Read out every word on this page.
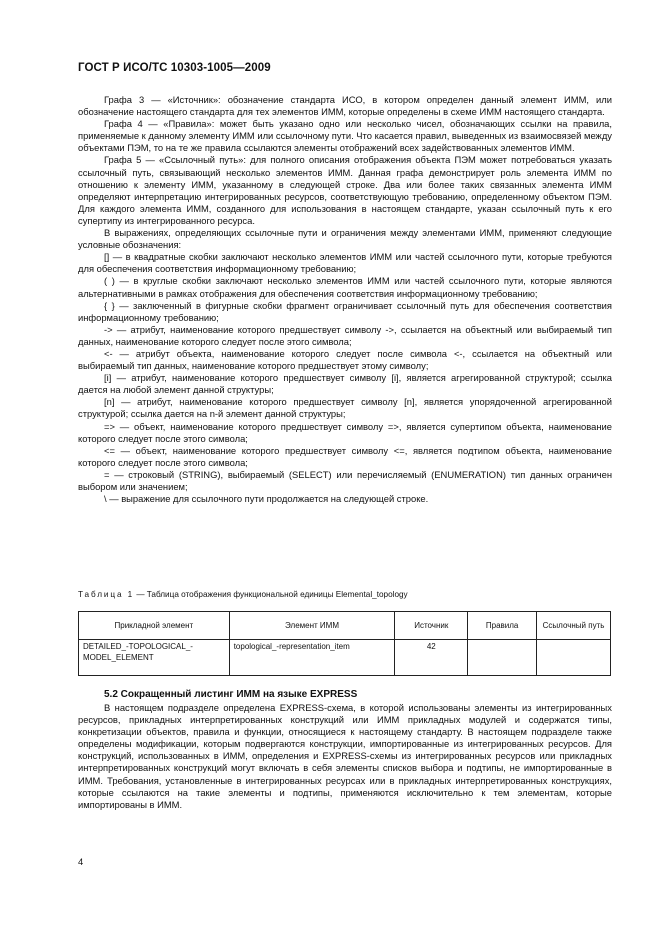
ГОСТ Р ИСО/ТС 10303-1005—2009

Графа 3 — «Источник»: обозначение стандарта ИСО, в котором определен данный элемент ИММ, или обозначение настоящего стандарта для тех элементов ИММ, которые определены в схеме ИММ настоящего стандарта.

Графа 4 — «Правила»: может быть указано одно или несколько чисел, обозначающих ссылки на правила, применяемые к данному элементу ИММ или ссылочному пути. Что касается правил, выведенных из взаимосвязей между объектами ПЭМ, то на те же правила ссылаются элементы отображений всех задействованных элементов ИММ.

Графа 5 — «Ссылочный путь»: для полного описания отображения объекта ПЭМ может потребоваться указать ссылочный путь, связывающий несколько элементов ИММ. Данная графа демонстрирует роль элемента ИММ по отношению к элементу ИММ, указанному в следующей строке. Два или более таких связанных элемента ИММ определяют интерпретацию интегрированных ресурсов, соответствующую требованию, определенному объектом ПЭМ. Для каждого элемента ИММ, созданного для использования в настоящем стандарте, указан ссылочный путь к его супертипу из интегрированного ресурса.

В выражениях, определяющих ссылочные пути и ограничения между элементами ИММ, применяют следующие условные обозначения:

[] — в квадратные скобки заключают несколько элементов ИММ или частей ссылочного пути, которые требуются для обеспечения соответствия информационному требованию;

( ) — в круглые скобки заключают несколько элементов ИММ или частей ссылочного пути, которые являются альтернативными в рамках отображения для обеспечения соответствия информационному требованию;

{ } — заключенный в фигурные скобки фрагмент ограничивает ссылочный путь для обеспечения соответствия информационному требованию;

-> — атрибут, наименование которого предшествует символу ->, ссылается на объектный или выбираемый тип данных, наименование которого следует после этого символа;

<- — атрибут объекта, наименование которого следует после символа <-, ссылается на объектный или выбираемый тип данных, наименование которого предшествует этому символу;

[i] — атрибут, наименование которого предшествует символу [i], является агрегированной структурой; ссылка дается на любой элемент данной структуры;

[n] — атрибут, наименование которого предшествует символу [n], является упорядоченной агрегированной структурой; ссылка дается на n-й элемент данной структуры;

=> — объект, наименование которого предшествует символу =>, является супертипом объекта, наименование которого следует после этого символа;

<= — объект, наименование которого предшествует символу <=, является подтипом объекта, наименование которого следует после этого символа;

= — строковый (STRING), выбираемый (SELECT) или перечисляемый (ENUMERATION) тип данных ограничен выбором или значением;

\ — выражение для ссылочного пути продолжается на следующей строке.

Таблица 1 — Таблица отображения функциональной единицы Elemental_topology
Прикладной элемент	Элемент ИММ	Источник	Правила	Ссылочный путь
DETAILED_-TOPOLOGICAL_-MODEL_ELEMENT	topological_-representation_item	42		
5.2 Сокращенный листинг ИММ на языке EXPRESS

В настоящем подразделе определена EXPRESS-схема, в которой использованы элементы из интегрированных ресурсов, прикладных интерпретированных конструкций или ИММ прикладных модулей и содержатся типы, конкретизации объектов, правила и функции, относящиеся к настоящему стандарту. В настоящем подразделе также определены модификации, которым подвергаются конструкции, импортированные из интегрированных ресурсов. Для конструкций, использованных в ИММ, определения и EXPRESS-схемы из интегрированных ресурсов или прикладных интерпретированных конструкций могут включать в себя элементы списков выбора и подтипы, не импортированные в ИММ. Требования, установленные в интегрированных ресурсах или в прикладных интерпретированных конструкциях, которые ссылаются на такие элементы и подтипы, применяются исключительно к тем элементам, которые импортированы в ИММ.

4
